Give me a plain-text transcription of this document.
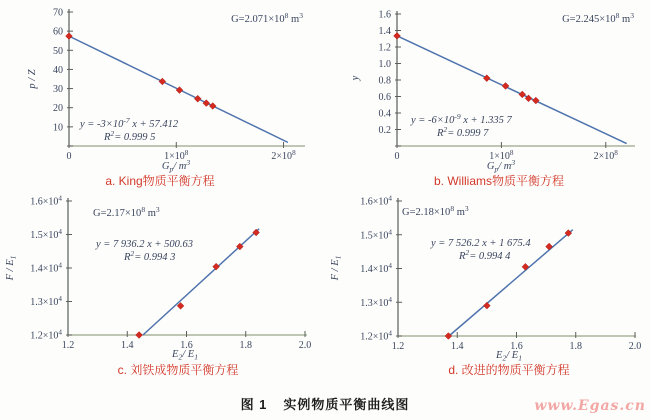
0	$1\times 10^8$	$2\times 10^8$
10
20
30
40
50
60
70
$G=2.071\times 10^8$ $m^3$
$y = -3\times 10^{-7}$ x + 57.412
$R^2= 0.999$ 5
$G_p/$ $m^3$
p / Z
a. King物质平衡方程
0	$1\times 10^8$	$2\times 10^8$
0.2
0.4
0.6
0.8
1.0
1.2
1.4
1.6	$G=2.245\times 10^8$ $m^3$
$y = -6\times 10^{-9}$ x + 1.335 7
$R^2= 0.999$ 7
$G_p/$ $m^3$
y
b. Williams物质平衡方程
1.2	1.4	1.6	1.8	2.0
$1.2\times 10^4$
$1.3\times 10^4$
$1.4\times 10^4$
$1.5\times 10^4$
$1.6\times 10^4$
$G=2.17\times 10^8$ $m^3$
y = 7 936.2 x + 500.63
$R^2= 0.994$ 3
$E_2/$ $E_1$
F / $E_1$
c. 刘铁成物质平衡方程
1.2	1.4	1.6	1.8	2.0
$1.2\times 10^4$
$1.3\times 10^4$
$1.4\times 10^4$
$1.5\times 10^4$
$1.6\times 10^4$
$G=2.18\times 10^8$ $m^3$
y = 7 526.2 x + 1 675.4
$R^2= 0.994$ 4
$E_2/$ $E_1$
F / $E_1$
d. 改进的物质平衡方程
图 1 实例物质平衡曲线图	www.Egas.cn
